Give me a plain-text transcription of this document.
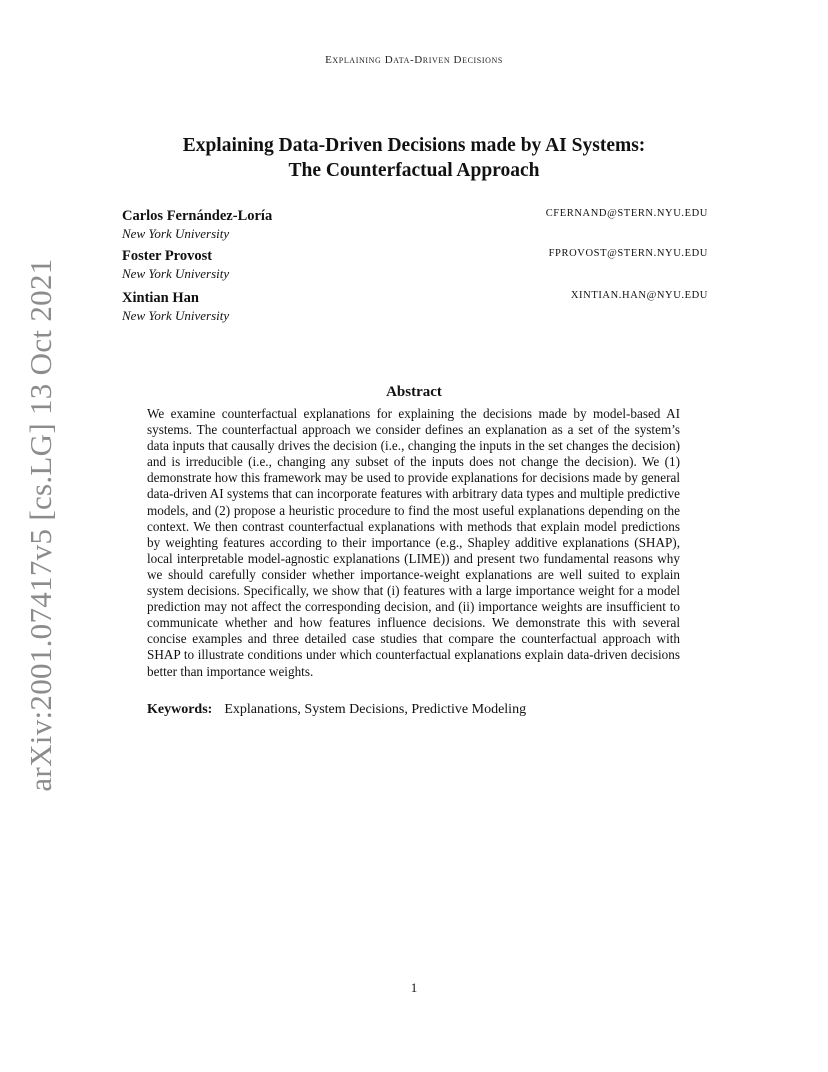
Explaining Data-Driven Decisions
Explaining Data-Driven Decisions made by AI Systems:
The Counterfactual Approach
Carlos Fernández-Loría
New York University
CFERNAND@STERN.NYU.EDU
Foster Provost
New York University
FPROVOST@STERN.NYU.EDU
Xintian Han
New York University
XINTIAN.HAN@NYU.EDU
Abstract
We examine counterfactual explanations for explaining the decisions made by model-based AI systems. The counterfactual approach we consider defines an explanation as a set of the system’s data inputs that causally drives the decision (i.e., changing the inputs in the set changes the decision) and is irreducible (i.e., changing any subset of the inputs does not change the decision). We (1) demonstrate how this framework may be used to provide explanations for decisions made by general data-driven AI systems that can incorporate features with arbitrary data types and multiple predictive models, and (2) propose a heuristic procedure to find the most useful explanations depending on the context. We then contrast counterfactual explanations with methods that explain model predictions by weighting features according to their importance (e.g., Shapley additive explanations (SHAP), local interpretable model-agnostic explanations (LIME)) and present two fundamental reasons why we should carefully consider whether importance-weight explanations are well suited to explain system decisions. Specifically, we show that (i) features with a large importance weight for a model prediction may not affect the corresponding decision, and (ii) importance weights are insufficient to communicate whether and how features influence decisions. We demonstrate this with several concise examples and three detailed case studies that compare the counterfactual approach with SHAP to illustrate conditions under which counterfactual explanations explain data-driven decisions better than importance weights.
Keywords: Explanations, System Decisions, Predictive Modeling
arXiv:2001.07417v5 [cs.LG] 13 Oct 2021
1
